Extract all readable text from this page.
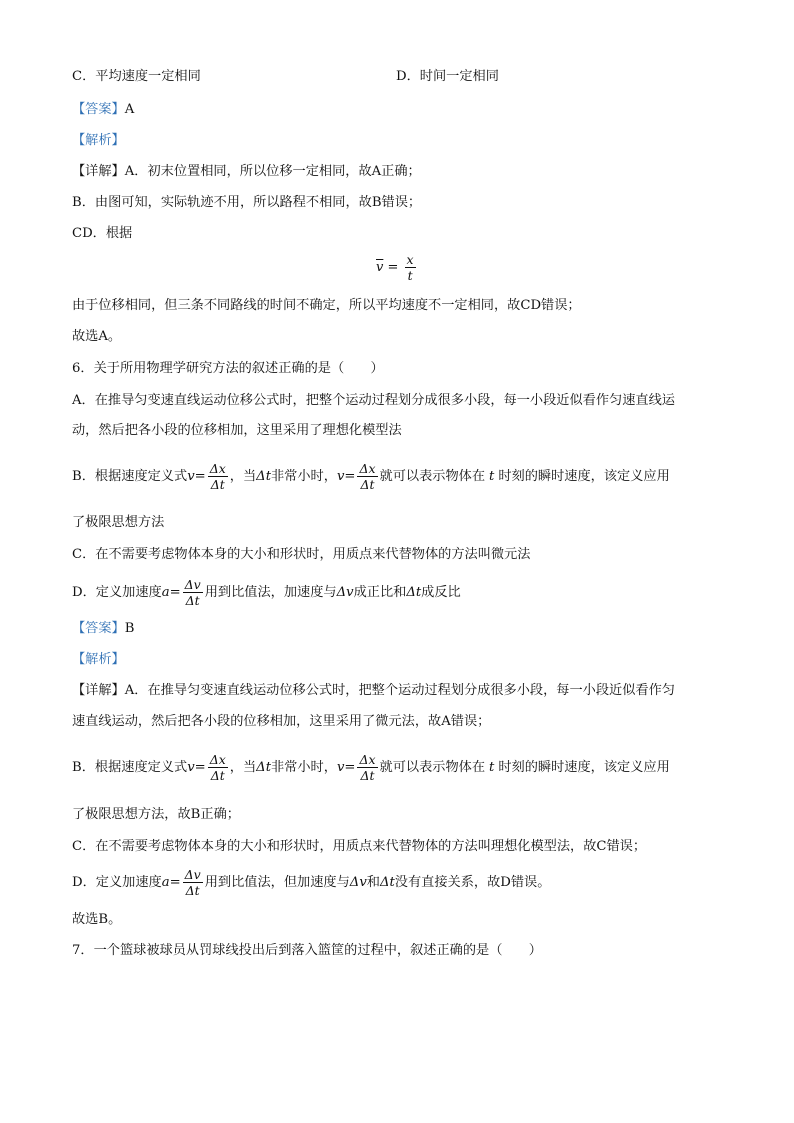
C．平均速度一定相同	D．时间一定相同
【答案】A
【解析】
【详解】A．初末位置相同，所以位移一定相同，故A正确；
B．由图可知，实际轨迹不用，所以路程不相同，故B错误；
CD．根据
$\overline{v} = \frac{x}{t}$
由于位移相同，但三条不同路线的时间不确定，所以平均速度不一定相同，故CD错误；
故选A。
6．关于所用物理学研究方法的叙述正确的是（　　）
A．在推导匀变速直线运动位移公式时，把整个运动过程划分成很多小段，每一小段近似看作匀速直线运
动，然后把各小段的位移相加，这里采用了理想化模型法
B．根据速度定义式$v= \frac{\Delta x}{\Delta t}$ ，当Δt非常小时，$v= \frac{\Delta x}{\Delta t}$ 就可以表示物体在 t 时刻的瞬时速度，该定义应用
了极限思想方法
C．在不需要考虑物体本身的大小和形状时，用质点来代替物体的方法叫微元法
D．定义加速度$a= \frac{\Delta v}{\Delta t}$ 用到比值法，加速度与Δv成正比和Δt成反比
【答案】B
【解析】
【详解】A．在推导匀变速直线运动位移公式时，把整个运动过程划分成很多小段，每一小段近似看作匀
速直线运动，然后把各小段的位移相加，这里采用了微元法，故A错误；
B．根据速度定义式$v= \frac{\Delta x}{\Delta t}$ ，当Δt非常小时，$v= \frac{\Delta x}{\Delta t}$ 就可以表示物体在 t 时刻的瞬时速度，该定义应用
了极限思想方法，故B正确；
C．在不需要考虑物体本身的大小和形状时，用质点来代替物体的方法叫理想化模型法，故C错误；
D．定义加速度$a= \frac{\Delta v}{\Delta t}$ 用到比值法，但加速度与Δv和Δt没有直接关系，故D错误。
故选B。
7．一个篮球被球员从罚球线投出后到落入篮筐的过程中，叙述正确的是（　　）
